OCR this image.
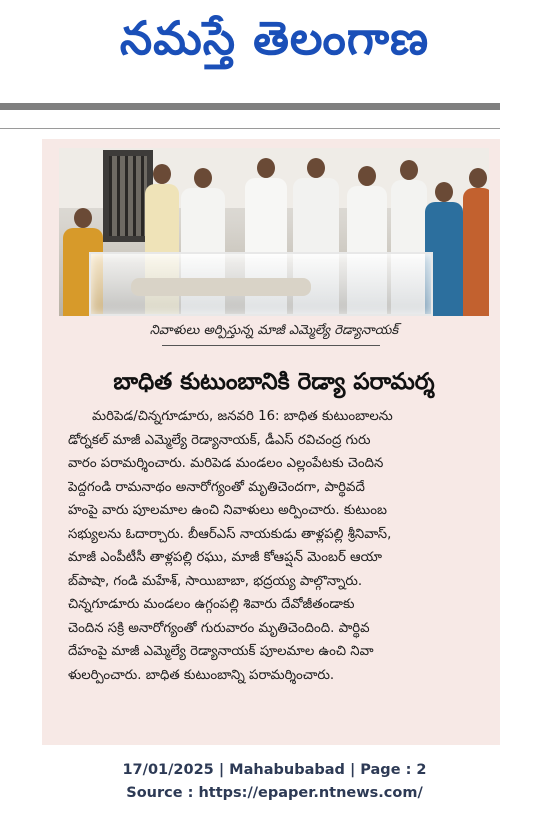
నమస్తే తెలంగాణ
నివాళులు అర్పిస్తున్న మాజీ ఎమ్మెల్యే రెడ్యానాయక్
బాధిత కుటుంబానికి రెడ్యా పరామర్శ
మరిపెడ/చిన్నగూడూరు, జనవరి 16: బాధిత కుటుంబాలను
డోర్నకల్ మాజీ ఎమ్మెల్యే రెడ్యానాయక్, డీఎస్ రవిచంద్ర గురు
వారం పరామర్శించారు. మరిపెడ మండలం ఎల్లంపేటకు చెందిన
పెద్దగండి రామనాథం అనారోగ్యంతో మృతిచెందగా, పార్థివదే
హంపై వారు పూలమాల ఉంచి నివాళులు అర్పించారు. కుటుంబ
సభ్యులను ఓదార్చారు. బీఆర్ఎస్ నాయకుడు తాళ్లపల్లి శ్రీనివాస్,
మాజీ ఎంపీటీసీ తాళ్లపల్లి రఘు, మాజీ కోఆప్షన్ మెంబర్ ఆయా
బ్‌పాషా, గండి మహేశ్, సాయిబాబా, భద్రయ్య పాల్గొన్నారు.
చిన్నగూడూరు మండలం ఉగ్గంపల్లి శివారు దేవోజీతండాకు
చెందిన సక్రి అనారోగ్యంతో గురువారం మృతిచెందింది. పార్థివ
దేహంపై మాజీ ఎమ్మెల్యే రెడ్యానాయక్ పూలమాల ఉంచి నివా
ళులర్పించారు. బాధిత కుటుంబాన్ని పరామర్శించారు.
17/01/2025 | Mahabubabad | Page : 2
Source : https://epaper.ntnews.com/
